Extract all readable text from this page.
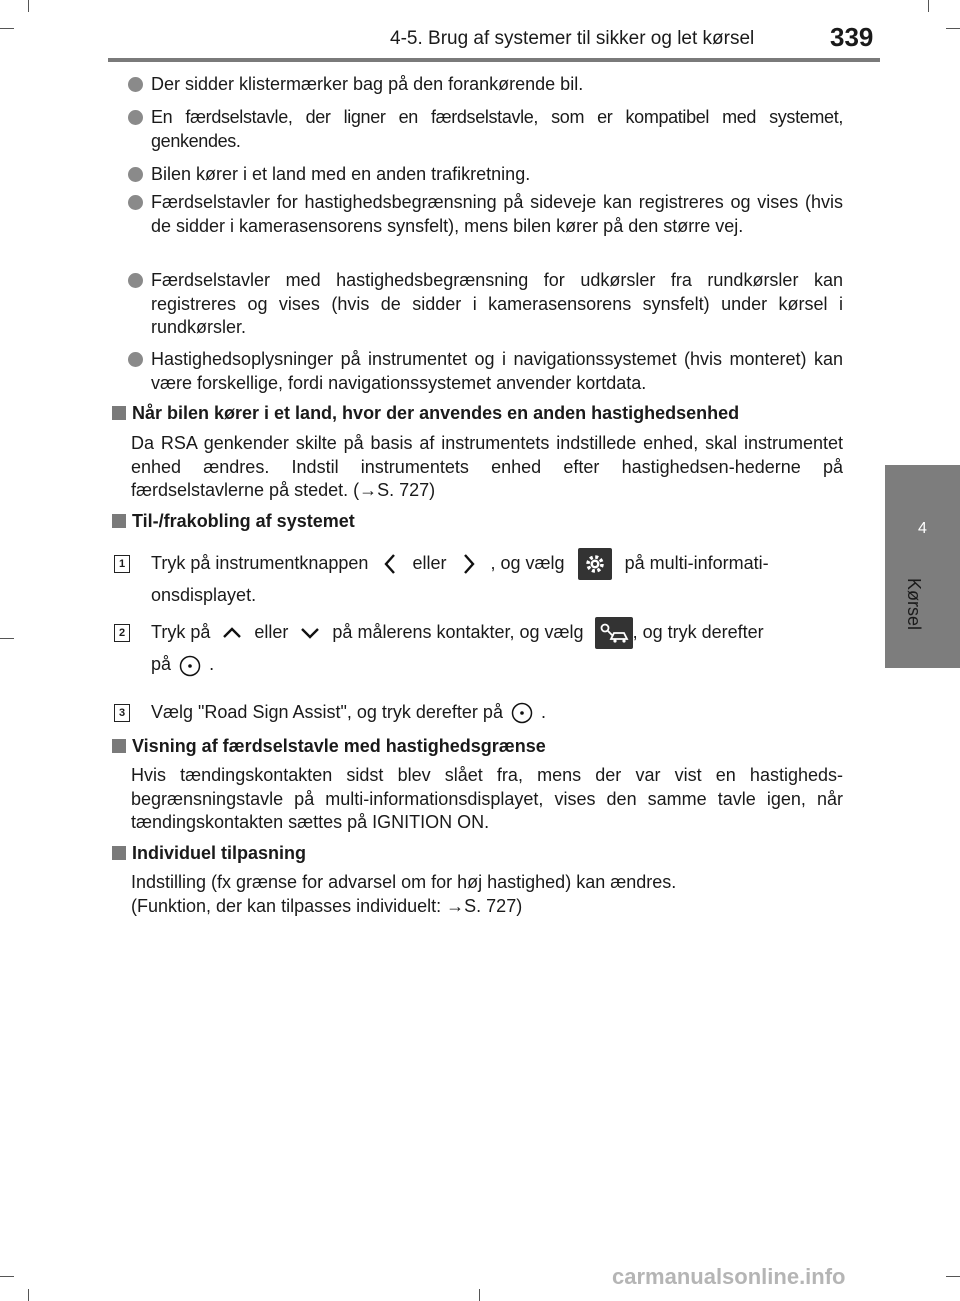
4-5. Brug af systemer til sikker og let kørsel	339
4
Kørsel
Der sidder klistermærker bag på den forankørende bil.
En færdselstavle, der ligner en færdselstavle, som er kompatibel med systemet, genkendes.
Bilen kører i et land med en anden trafikretning.
Færdselstavler for hastighedsbegrænsning på sideveje kan registreres og vises (hvis de sidder i kamerasensorens synsfelt), mens bilen kører på den større vej.
Færdselstavler med hastighedsbegrænsning for udkørsler fra rundkørsler kan registreres og vises (hvis de sidder i kamerasensorens synsfelt) under kørsel i rundkørsler.
Hastighedsoplysninger på instrumentet og i navigationssystemet (hvis monteret) kan være forskellige, fordi navigationssystemet anvender kortdata.
Når bilen kører i et land, hvor der anvendes en anden hastighedsenhed
Da RSA genkender skilte på basis af instrumentets indstillede enhed, skal instrumentet enhed ændres. Indstil instrumentets enhed efter hastighedsen-hederne på færdselstavlerne på stedet. (→S. 727)
Til-/frakobling af systemet
1 Tryk på instrumentknappen eller , og vælg	på multi-informati-
onsdisplayet.
2 Tryk på eller på målerens kontakter, og vælg	, og tryk derefter
på .
3 Vælg "Road Sign Assist", og tryk derefter på .
Visning af færdselstavle med hastighedsgrænse
Hvis tændingskontakten sidst blev slået fra, mens der var vist en hastigheds-begrænsningstavle på multi-informationsdisplayet, vises den samme tavle igen, når tændingskontakten sættes på IGNITION ON.
Individuel tilpasning
Indstilling (fx grænse for advarsel om for høj hastighed) kan ændres.
(Funktion, der kan tilpasses individuelt: →S. 727)
carmanualsonline.info
